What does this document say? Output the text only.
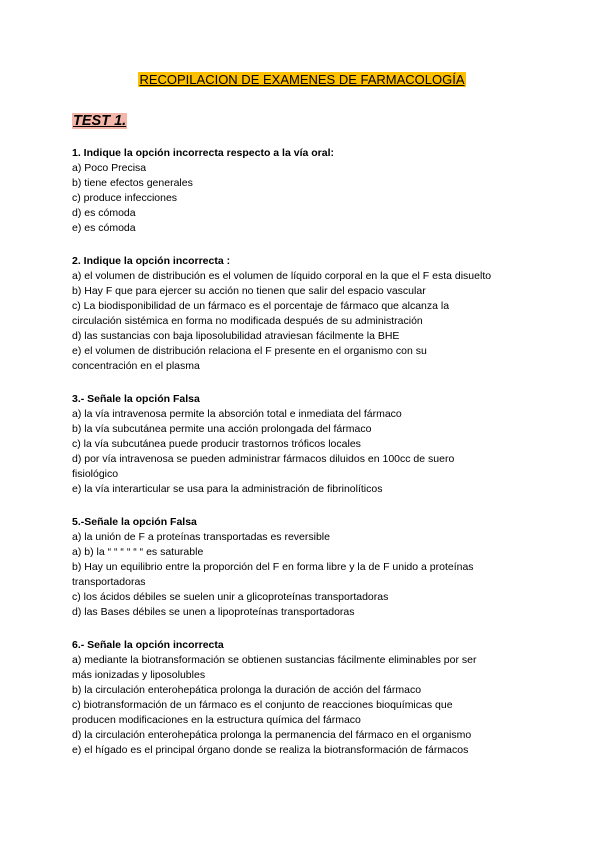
RECOPILACION DE EXAMENES DE FARMACOLOGÍA
TEST 1.
1. Indique la opción incorrecta respecto a la vía oral:
a) Poco Precisa
b) tiene efectos generales
c) produce infecciones
d) es cómoda
e) es cómoda
2. Indique la opción incorrecta :
a) el volumen de distribución es el volumen de líquido corporal en la que el F esta disuelto
b) Hay F que para ejercer su acción no tienen que salir del espacio vascular
c) La biodisponibilidad de un fármaco es el porcentaje de fármaco que alcanza la
circulación sistémica en forma no modificada después de su administración
d) las sustancias con baja liposolubilidad atraviesan fácilmente la BHE
e) el volumen de distribución relaciona el F presente en el organismo con su
concentración en el plasma
3.- Señale la opción Falsa
a) la vía intravenosa permite la absorción total e inmediata del fármaco
b) la vía subcutánea permite una acción prolongada del fármaco
c) la vía subcutánea puede producir trastornos tróficos locales
d) por vía intravenosa se pueden administrar fármacos diluidos en 100cc de suero
fisiológico
e) la vía interarticular se usa para la administración de fibrinolíticos
5.-Señale la opción Falsa
a) la unión de F a proteínas transportadas es reversible
a) b) la “ “ “ “ “ “ es saturable
b) Hay un equilibrio entre la proporción del F en forma libre y la de F unido a proteínas
transportadoras
c) los ácidos débiles se suelen unir a glicoproteínas transportadoras
d) las Bases débiles se unen a lipoproteínas transportadoras
6.- Señale la opción incorrecta
a) mediante la biotransformación se obtienen sustancias fácilmente eliminables por ser
más ionizadas y liposolubles
b) la circulación enterohepática prolonga la duración de acción del fármaco
c) biotransformación de un fármaco es el conjunto de reacciones bioquímicas que
producen modificaciones en la estructura química del fármaco
d) la circulación enterohepática prolonga la permanencia del fármaco en el organismo
e) el hígado es el principal órgano donde se realiza la biotransformación de fármacos
